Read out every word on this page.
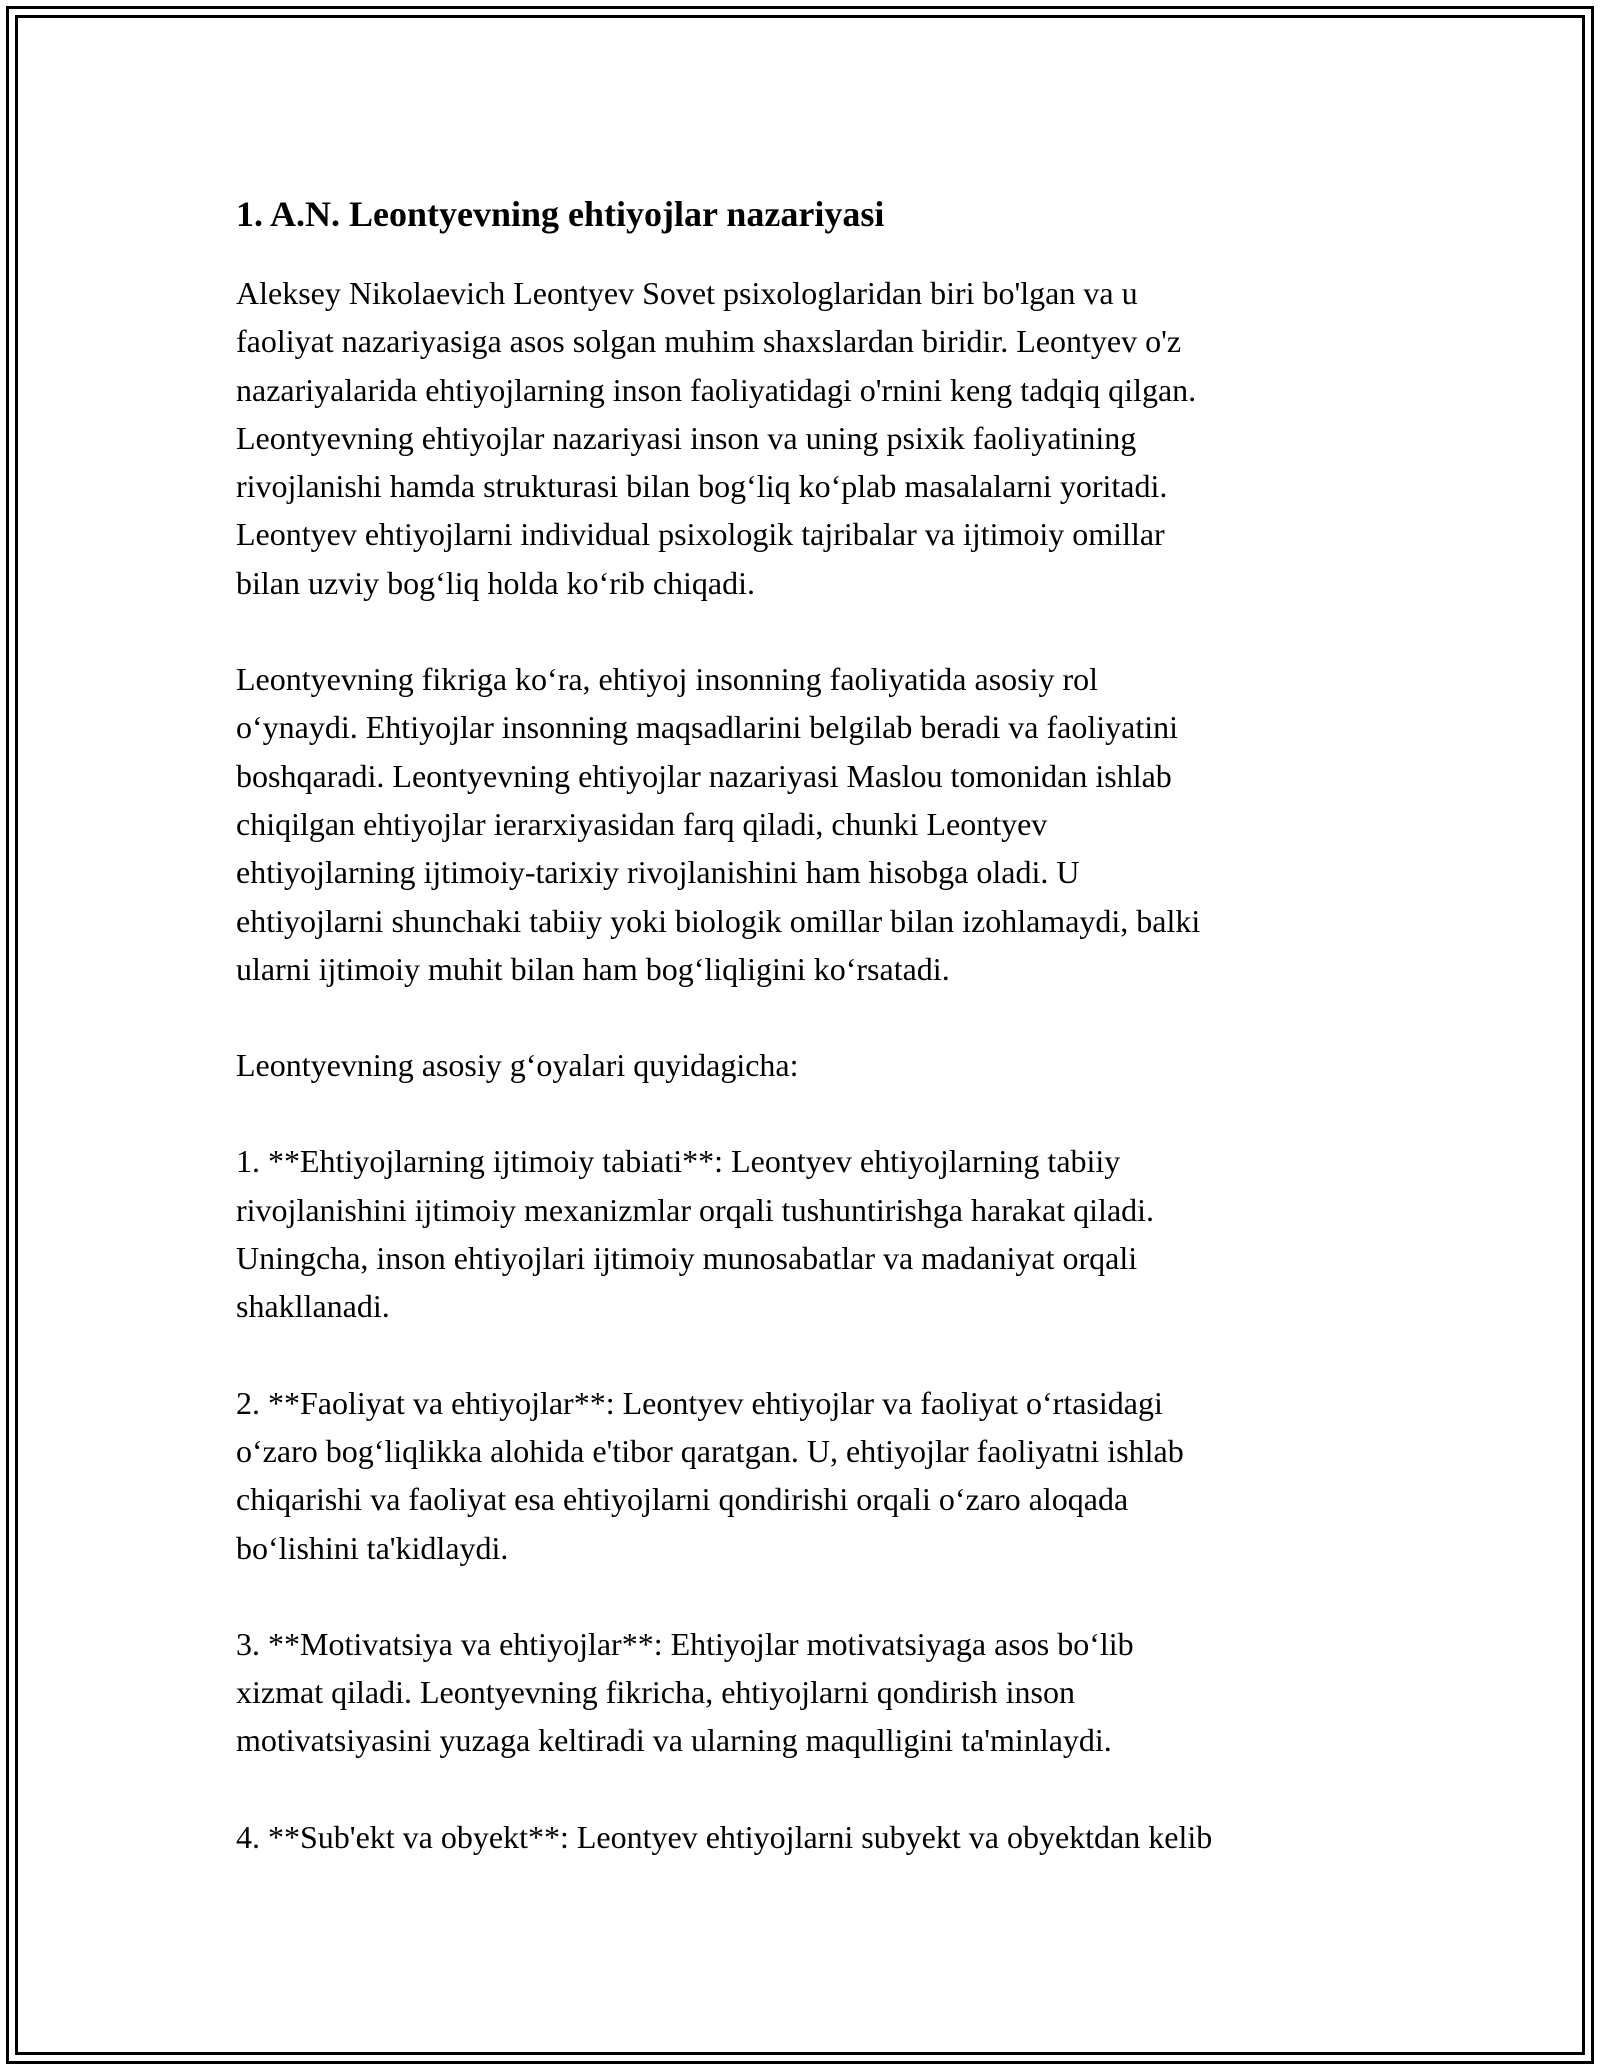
1. A.N. Leontyevning ehtiyojlar nazariyasi

Aleksey Nikolaevich Leontyev Sovet psixologlaridan biri bo'lgan va u
faoliyat nazariyasiga asos solgan muhim shaxslardan biridir. Leontyev o'z
nazariyalarida ehtiyojlarning inson faoliyatidagi o'rnini keng tadqiq qilgan.
Leontyevning ehtiyojlar nazariyasi inson va uning psixik faoliyatining
rivojlanishi hamda strukturasi bilan bog‘liq ko‘plab masalalarni yoritadi.
Leontyev ehtiyojlarni individual psixologik tajribalar va ijtimoiy omillar
bilan uzviy bog‘liq holda ko‘rib chiqadi.

Leontyevning fikriga ko‘ra, ehtiyoj insonning faoliyatida asosiy rol
o‘ynaydi. Ehtiyojlar insonning maqsadlarini belgilab beradi va faoliyatini
boshqaradi. Leontyevning ehtiyojlar nazariyasi Maslou tomonidan ishlab
chiqilgan ehtiyojlar ierarxiyasidan farq qiladi, chunki Leontyev
ehtiyojlarning ijtimoiy-tarixiy rivojlanishini ham hisobga oladi. U
ehtiyojlarni shunchaki tabiiy yoki biologik omillar bilan izohlamaydi, balki
ularni ijtimoiy muhit bilan ham bog‘liqligini ko‘rsatadi.

Leontyevning asosiy g‘oyalari quyidagicha:

1. **Ehtiyojlarning ijtimoiy tabiati**: Leontyev ehtiyojlarning tabiiy
rivojlanishini ijtimoiy mexanizmlar orqali tushuntirishga harakat qiladi.
Uningcha, inson ehtiyojlari ijtimoiy munosabatlar va madaniyat orqali
shakllanadi.

2. **Faoliyat va ehtiyojlar**: Leontyev ehtiyojlar va faoliyat o‘rtasidagi
o‘zaro bog‘liqlikka alohida e'tibor qaratgan. U, ehtiyojlar faoliyatni ishlab
chiqarishi va faoliyat esa ehtiyojlarni qondirishi orqali o‘zaro aloqada
bo‘lishini ta'kidlaydi.

3. **Motivatsiya va ehtiyojlar**: Ehtiyojlar motivatsiyaga asos bo‘lib
xizmat qiladi. Leontyevning fikricha, ehtiyojlarni qondirish inson
motivatsiyasini yuzaga keltiradi va ularning maqulligini ta'minlaydi.

4. **Sub'ekt va obyekt**: Leontyev ehtiyojlarni subyekt va obyektdan kelib
